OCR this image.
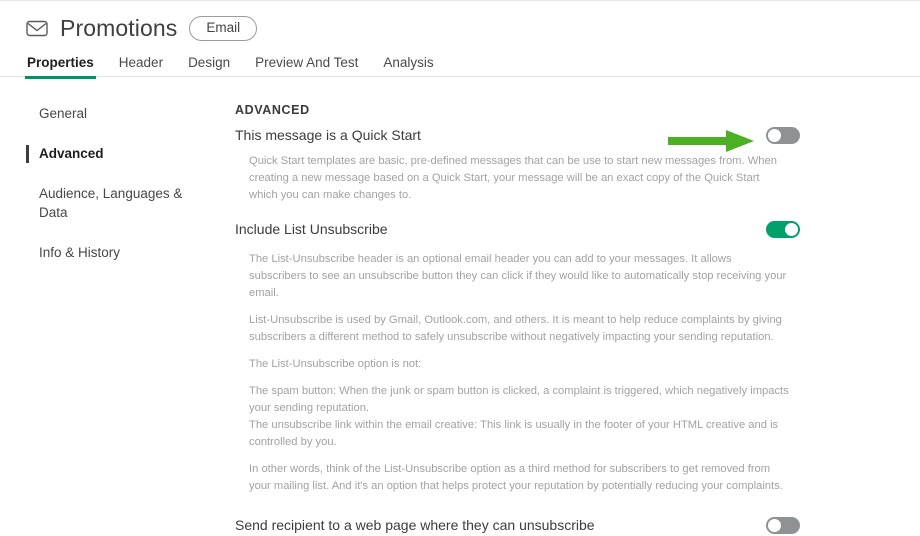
Promotions	Email
Properties Header Design Preview And Test Analysis
General
Advanced
Audience, Languages & Data
Info & History
ADVANCED
This message is a Quick Start

Quick Start templates are basic, pre-defined messages that can be use to start new messages from. When creating a new message based on a Quick Start, your message will be an exact copy of the Quick Start which you can make changes to.

Include List Unsubscribe

The List-Unsubscribe header is an optional email header you can add to your messages. It allows subscribers to see an unsubscribe button they can click if they would like to automatically stop receiving your email.

List-Unsubscribe is used by Gmail, Outlook.com, and others. It is meant to help reduce complaints by giving subscribers a different method to safely unsubscribe without negatively impacting your sending reputation.

The List-Unsubscribe option is not:

The spam button: When the junk or spam button is clicked, a complaint is triggered, which negatively impacts your sending reputation.

The unsubscribe link within the email creative: This link is usually in the footer of your HTML creative and is controlled by you.

In other words, think of the List-Unsubscribe option as a third method for subscribers to get removed from your mailing list. And it's an option that helps protect your reputation by potentially reducing your complaints.

Send recipient to a web page where they can unsubscribe
